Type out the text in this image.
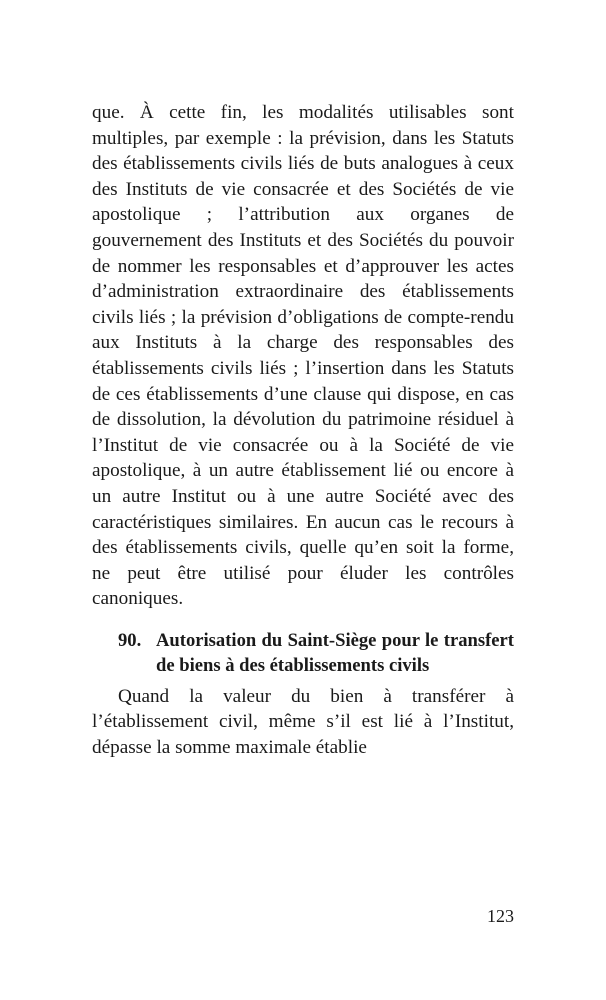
que. À cette fin, les modalités utilisables sont multiples, par exemple : la prévision, dans les Statuts des établissements civils liés de buts analogues à ceux des Instituts de vie consacrée et des Sociétés de vie apostolique ; l’attribution aux organes de gouvernement des Instituts et des Sociétés du pouvoir de nommer les responsables et d’approuver les actes d’administration extraordinaire des établissements civils liés ; la prévision d’obligations de compte-rendu aux Instituts à la charge des responsables des établissements civils liés ; l’insertion dans les Statuts de ces établissements d’une clause qui dispose, en cas de dissolution, la dévolution du patrimoine résiduel à l’Institut de vie consacrée ou à la Société de vie apostolique, à un autre établissement lié ou encore à un autre Institut ou à une autre Société avec des caractéristiques similaires. En aucun cas le recours à des établissements civils, quelle qu’en soit la forme, ne peut être utilisé pour éluder les contrôles canoniques.

90. Autorisation du Saint-Siège pour le transfert de biens à des établissements civils

Quand la valeur du bien à transférer à l’établissement civil, même s’il est lié à l’Institut, dépasse la somme maximale établie

123
